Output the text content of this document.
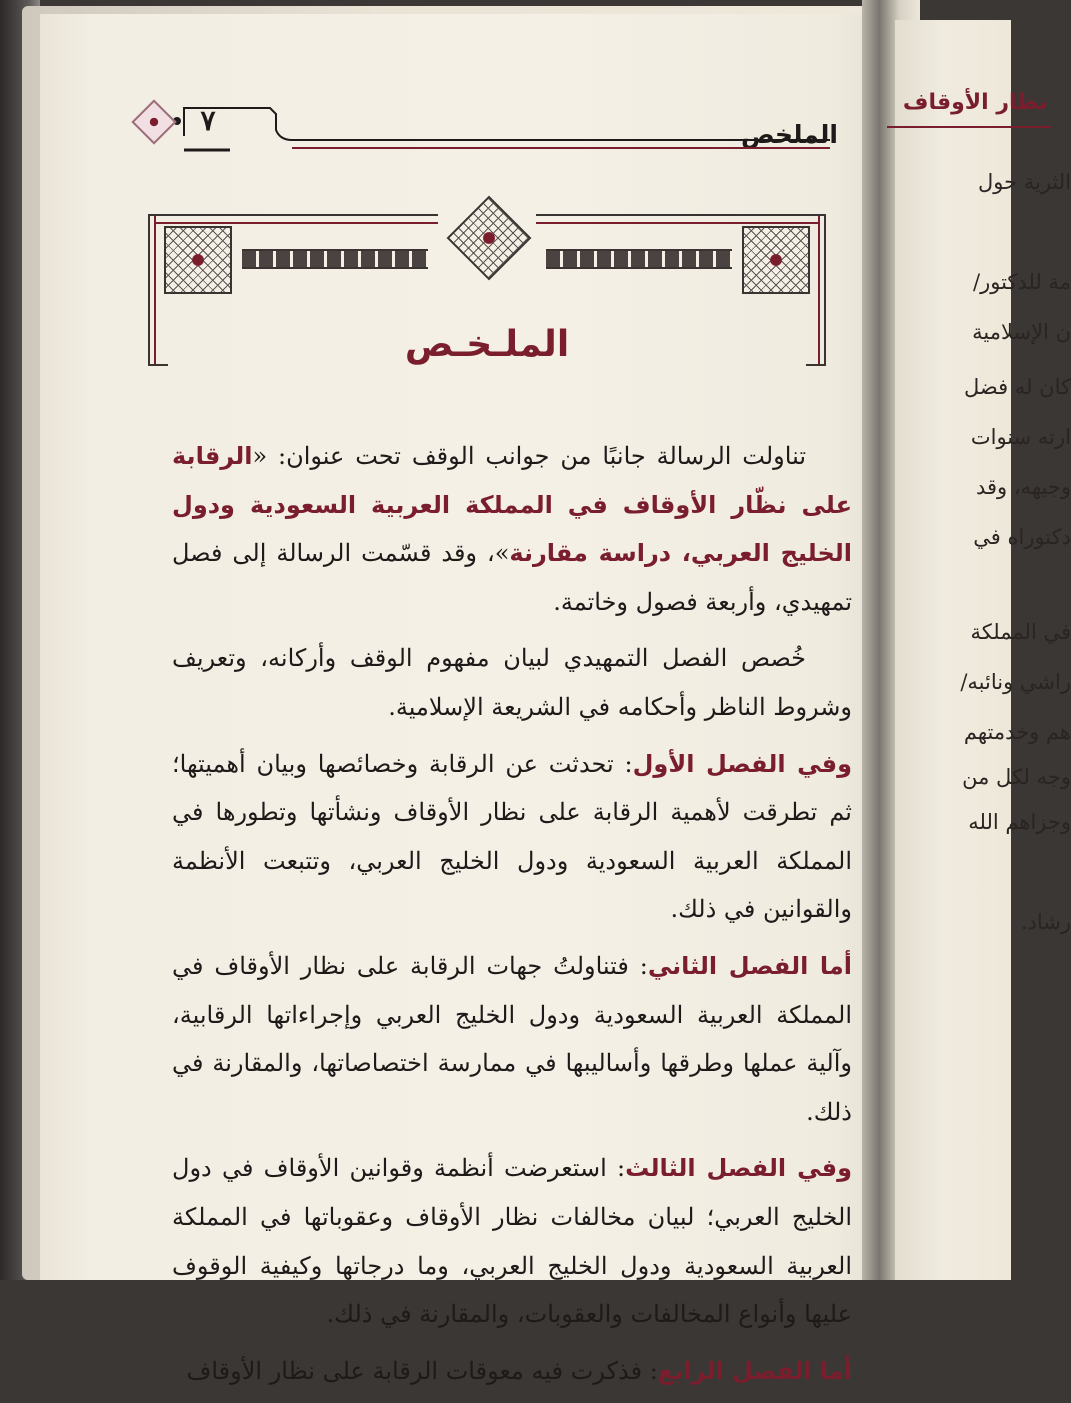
الملخص
٧
الملـخـص

تناولت الرسالة جانبًا من جوانب الوقف تحت عنوان: «الرقابة على نظّار الأوقاف في المملكة العربية السعودية ودول الخليج العربي، دراسة مقارنة»، وقد قسّمت الرسالة إلى فصل تمهيدي، وأربعة فصول وخاتمة.

خُصص الفصل التمهيدي لبيان مفهوم الوقف وأركانه، وتعريف وشروط الناظر وأحكامه في الشريعة الإسلامية.

وفي الفصل الأول: تحدثت عن الرقابة وخصائصها وبيان أهميتها؛ ثم تطرقت لأهمية الرقابة على نظار الأوقاف ونشأتها وتطورها في المملكة العربية السعودية ودول الخليج العربي، وتتبعت الأنظمة والقوانين في ذلك.

أما الفصل الثاني: فتناولتُ جهات الرقابة على نظار الأوقاف في المملكة العربية السعودية ودول الخليج العربي وإجراءاتها الرقابية، وآلية عملها وطرقها وأساليبها في ممارسة اختصاصاتها، والمقارنة في ذلك.

وفي الفصل الثالث: استعرضت أنظمة وقوانين الأوقاف في دول الخليج العربي؛ لبيان مخالفات نظار الأوقاف وعقوباتها في المملكة العربية السعودية ودول الخليج العربي، وما درجاتها وكيفية الوقوف عليها وأنواع المخالفات والعقوبات، والمقارنة في ذلك.

أما الفصل الرابع: فذكرت فيه معوقات الرقابة على نظار الأوقاف

نظار الأوقاف
الثرية حول
مة للدكتور/
ن الإسلامية
كان له فضل
ارته سنوات
وجيهه، وقد
دكتوراه في
في المملكة
راشي ونائبه/
هم وخدمتهم
وجه لكل من
وجزاهم الله
رشاد.
